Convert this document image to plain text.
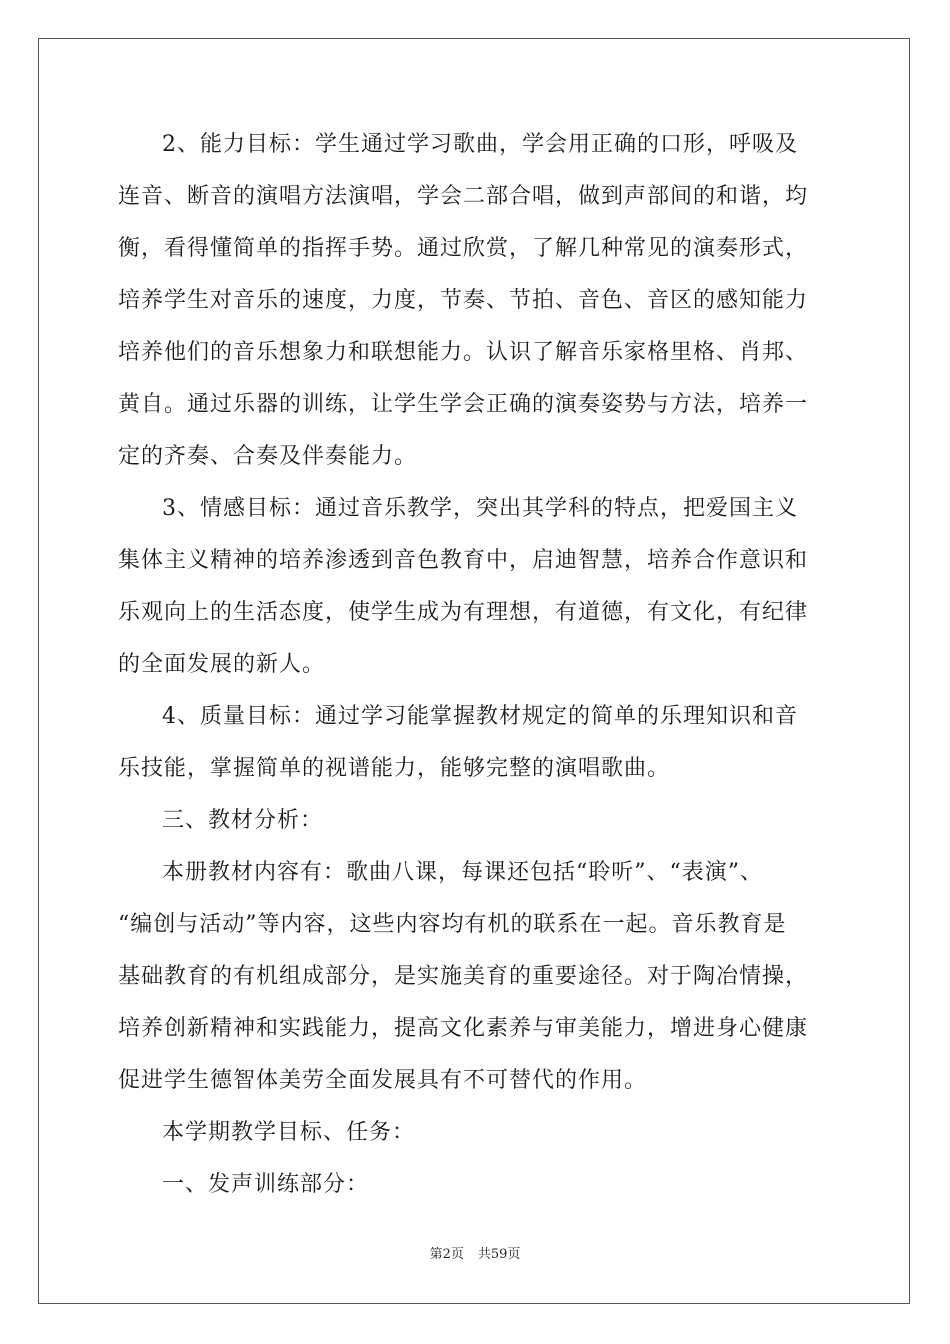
2、能力目标：学生通过学习歌曲，学会用正确的口形，呼吸及
连音、断音的演唱方法演唱，学会二部合唱，做到声部间的和谐，均
衡，看得懂简单的指挥手势。通过欣赏，了解几种常见的演奏形式，
培养学生对音乐的速度，力度，节奏、节拍、音色、音区的感知能力
培养他们的音乐想象力和联想能力。认识了解音乐家格里格、肖邦、
黄自。通过乐器的训练，让学生学会正确的演奏姿势与方法，培养一
定的齐奏、合奏及伴奏能力。
3、情感目标：通过音乐教学，突出其学科的特点，把爱国主义
集体主义精神的培养渗透到音色教育中，启迪智慧，培养合作意识和
乐观向上的生活态度，使学生成为有理想，有道德，有文化，有纪律
的全面发展的新人。
4、质量目标：通过学习能掌握教材规定的简单的乐理知识和音
乐技能，掌握简单的视谱能力，能够完整的演唱歌曲。
三、教材分析：
本册教材内容有：歌曲八课，每课还包括“聆听”、“表演”、
“编创与活动”等内容，这些内容均有机的联系在一起。音乐教育是
基础教育的有机组成部分，是实施美育的重要途径。对于陶冶情操，
培养创新精神和实践能力，提高文化素养与审美能力，增进身心健康
促进学生德智体美劳全面发展具有不可替代的作用。
本学期教学目标、任务：
一、发声训练部分：
第2页 共59页
